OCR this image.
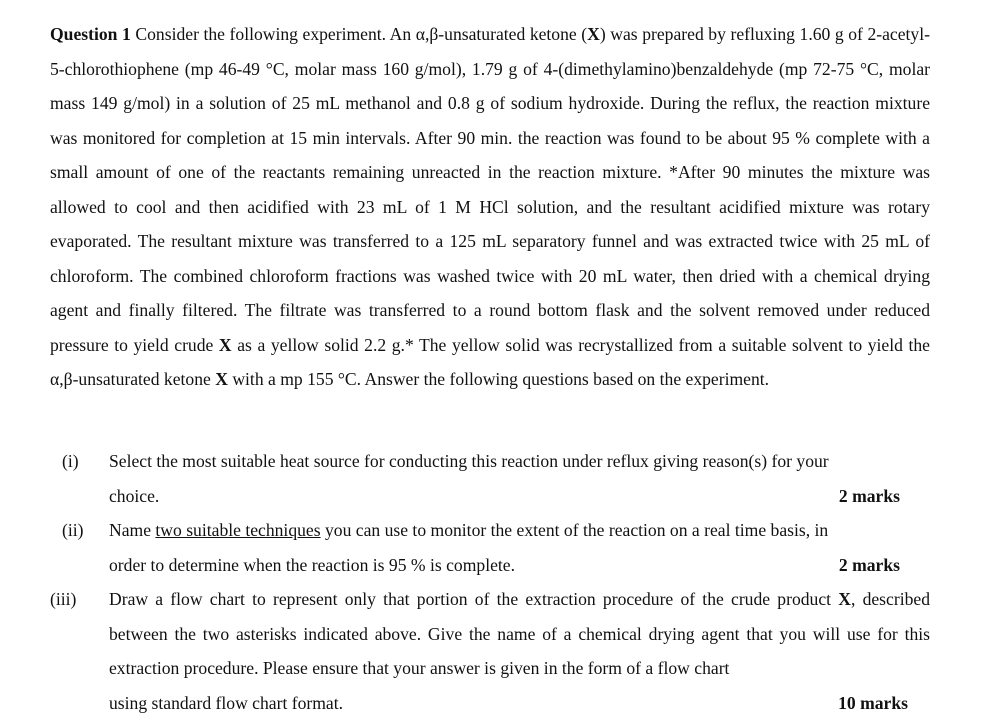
Question 1 Consider the following experiment. An α,β-unsaturated ketone (X) was prepared by refluxing 1.60 g of 2-acetyl-5-chlorothiophene (mp 46-49 °C, molar mass 160 g/mol), 1.79 g of 4-(dimethylamino)benzaldehyde (mp 72-75 °C, molar mass 149 g/mol) in a solution of 25 mL methanol and 0.8 g of sodium hydroxide. During the reflux, the reaction mixture was monitored for completion at 15 min intervals. After 90 min. the reaction was found to be about 95 % complete with a small amount of one of the reactants remaining unreacted in the reaction mixture. *After 90 minutes the mixture was allowed to cool and then acidified with 23 mL of 1 M HCl solution, and the resultant acidified mixture was rotary evaporated. The resultant mixture was transferred to a 125 mL separatory funnel and was extracted twice with 25 mL of chloroform. The combined chloroform fractions was washed twice with 20 mL water, then dried with a chemical drying agent and finally filtered. The filtrate was transferred to a round bottom flask and the solvent removed under reduced pressure to yield crude X as a yellow solid 2.2 g.* The yellow solid was recrystallized from a suitable solvent to yield the α,β-unsaturated ketone X with a mp 155 °C. Answer the following questions based on the experiment.

(i) Select the most suitable heat source for conducting this reaction under reflux giving reason(s) for your
choice.	2 marks
(ii) Name two suitable techniques you can use to monitor the extent of the reaction on a real time basis, in
order to determine when the reaction is 95 % is complete.	2 marks
(iii) Draw a flow chart to represent only that portion of the extraction procedure of the crude product X, described between the two asterisks indicated above. Give the name of a chemical drying agent that you will use for this extraction procedure. Please ensure that your answer is given in the form of a flow chart
using standard flow chart format.	10 marks
